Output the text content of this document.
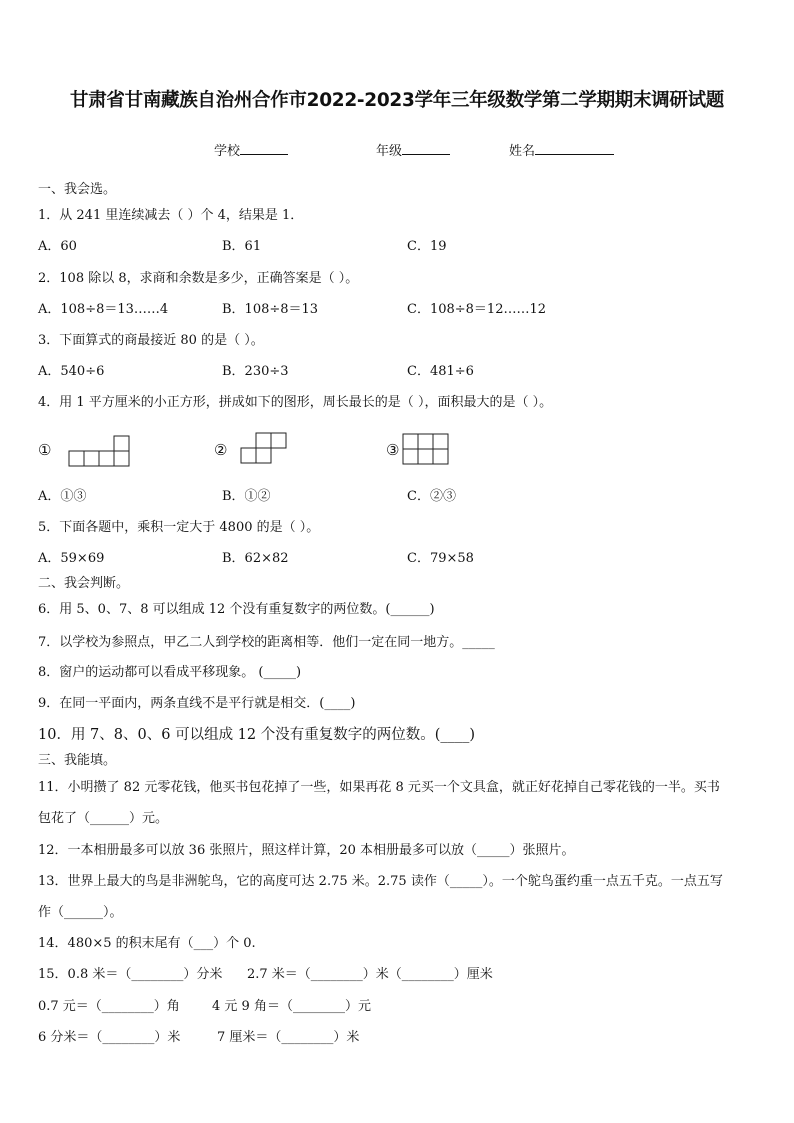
甘肃省甘南藏族自治州合作市2022-2023学年三年级数学第二学期期末调研试题
学校	年级	姓名
一、我会选。
1．从 241 里连续减去（ ）个 4，结果是 1．
A．60	B．61	C．19
2．108 除以 8，求商和余数是多少，正确答案是（ ）。
A．108÷8＝13……4	B．108÷8＝13	C．108÷8＝12……12
3．下面算式的商最接近 80 的是（ ）。
A．540÷6	B．230÷3	C．481÷6
4．用 1 平方厘米的小正方形，拼成如下的图形，周长最长的是（ ），面积最大的是（ ）。
①	②	③
A．①③	B．①②	C．②③
5．下面各题中，乘积一定大于 4800 的是（ ）。
A．59×69	B．62×82	C．79×58
二、我会判断。
6．用 5、0、7、8 可以组成 12 个没有重复数字的两位数。(______)
7．以学校为参照点，甲乙二人到学校的距离相等．他们一定在同一地方。_____
8．窗户的运动都可以看成平移现象。 (_____)
9．在同一平面内，两条直线不是平行就是相交．(____)
10．用 7、8、0、6 可以组成 12 个没有重复数字的两位数。(____)
三、我能填。
11．小明攒了 82 元零花钱，他买书包花掉了一些，如果再花 8 元买一个文具盒，就正好花掉自己零花钱的一半。买书
包花了（______）元。
12．一本相册最多可以放 36 张照片，照这样计算，20 本相册最多可以放（_____）张照片。
13．世界上最大的鸟是非洲鸵鸟，它的高度可达 2.75 米。2.75 读作（_____）。一个鸵鸟蛋约重一点五千克。一点五写
作（______）。
14．480×5 的积末尾有（___）个 0.
15．0.8 米＝（________）分米 2.7 米＝（________）米（________）厘米
0.7 元＝（________）角 4 元 9 角＝（________）元
6 分米＝（________）米	7 厘米＝（________）米
